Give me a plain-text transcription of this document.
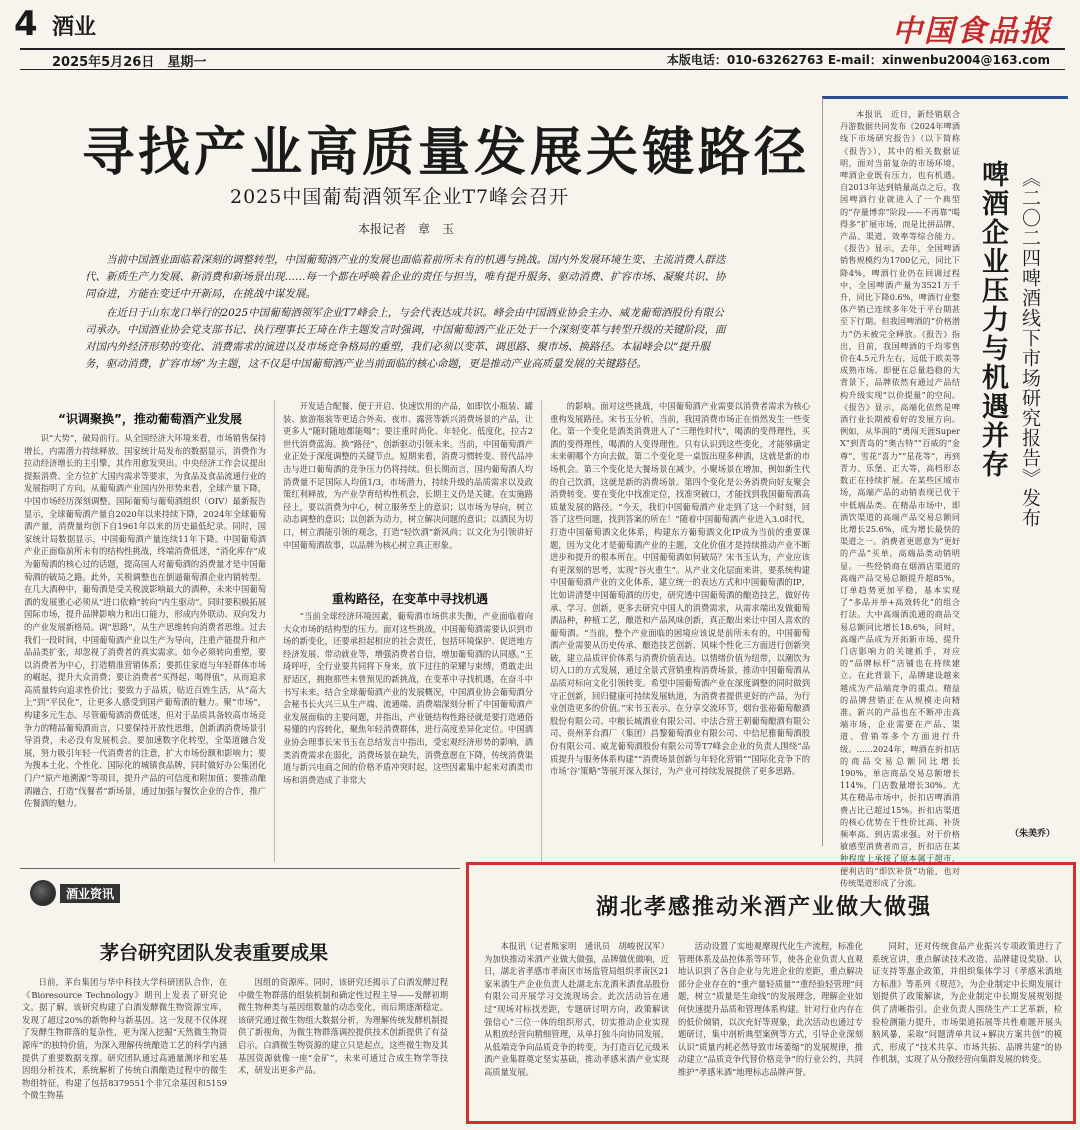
4 酒业	中国食品报
2025年5月26日　星期一	本版电话：010-63262763 E-mail：xinwenbu2004@163.com
寻找产业高质量发展关键路径
2025中国葡萄酒领军企业T7峰会召开
本报记者　章　玉

当前中国酒业面临着深刻的调整转型，中国葡萄酒产业的发展也面临着前所未有的机遇与挑战。国内外发展环境生变、主流消费人群迭代、新质生产力发展、新消费和新场景出现……每一个都在呼唤着企业的责任与担当，唯有提升服务、驱动消费、扩容市场、凝聚共识、协同奋进，方能在变迁中开新局，在挑战中谋发展。

在近日于山东龙口举行的2025中国葡萄酒领军企业T7峰会上，与会代表达成共识。峰会由中国酒业协会主办、威龙葡萄酒股份有限公司承办。中国酒业协会党支部书记、执行理事长王琦在作主题发言时强调，中国葡萄酒产业正处于一个深刻变革与转型升级的关键阶段，面对国内外经济形势的变化、消费需求的演进以及市场竞争格局的重塑，我们必须以变革、调思路、聚市场、换路径。本届峰会以“提升服务，驱动消费，扩容市场”为主题，这不仅是中国葡萄酒产业当前面临的核心命题，更是推动产业高质量发展的关键路径。

“识调聚换”，推动葡萄酒产业发展

识“大势”，破局前行。从全国经济大环境来看，市场销售保持增长，内需潜力持续释放。国家统计局发布的数据显示，消费作为拉动经济增长的主引擎，其作用愈发突出。中央经济工作会议提出提振消费、全方位扩大国内需求等要求，为食品及食品流通行业的发展指明了方向。从葡萄酒产业国内外形势来看，全球产量下降，中国市场经历深刻调整。国际葡萄与葡萄酒组织（OIV）最新报告显示，全球葡萄酒产量自2020年以来持续下降，2024年全球葡萄酒产量，消费量均创下自1961年以来的历史最低纪录。同时，国家统计局数据显示，中国葡萄酒产量连续11年下降。中国葡萄酒产业正面临前所未有的结构性挑战，终端消费低迷，“消化库存”成为葡萄酒的核心过的话题，提高国人对葡萄酒的消费量才是中国葡萄酒的破局之路。此外，关税调整也在倒逼葡萄酒企业内销转型。在几大酒种中，葡萄酒是受关税波影响最大的酒种，未来中国葡萄酒的发展重心必须从“进口依赖”转向“内生驱动”。同时要积极拓展国际市场，提升品牌影响力和出口能力，形成内外联动、双向发力的产业发展新格局。调“思路”，从生产思维转向消费者思维。过去我们一段时间，中国葡萄酒产业以生产为导向，注重产能提升和产品品类扩张，却忽视了消费者的真实需求。如今必须转向重塑，要以消费者为中心，打造精准营销体系；要抓住家庭与年轻群体市场的崛起，提升大众消费；要让消费者“买得起、喝得值”，从而追求高质量转向追求性价比；要致力于品质，贴近百姓生活，从“高大上”到“平民化”，让更多人感受到国产葡萄酒的魅力。聚“市场”，构建多元生态。尽管葡萄酒消费低迷，但对于品质具备较高市场竞争力的精品葡萄酒而言，只要保持开放性思维，创新酒消费场景引导消费，未必没有发展机会。要加速数字化转型，全渠道融合发展，努力吸引年轻一代消费者的注意，扩大市场份额和影响力；要为搜本土化、个性化、国际化的城镇食品牌，同时做好办公集团化门户“原产地溯源”等项目，提升产品的可信度和附加值；要推动酿酒融合，打造“伐餐者”新场景，通过加强与餐饮企业的合作，推广佐餐酒的魅力。

开发适合配餐、便于开启、快速饮用的产品，如即饮小瓶装、罐装、旅游瓶装等更适合外卖、夜市、露营等新兴消费场景的产品，让更多人“随时随地都能喝”；要注重时尚化、年轻化、低度化，拉古2世代消费蓝海。换“路径”，创新驱动引领未来。当前，中国葡萄酒产业正处于深度调整的关键节点。短期来看，消费习惯转变、替代品冲击与进口葡萄酒的竞争压力仍将持续。但长期而言，国内葡萄酒人均消费量不足国际人均值1/3，市场潜力，持续升级的品质需求以及政策红利释放，为产业孕育结构性机会，长期主义仍是关键。在实施路径上，要以消费为中心，树立服务至上的意识；以市场为导向，树立动态调整的意识；以创新为动力，树立解决问题的意识；以酒民为切口，树立酒能引领的观念，打造“轻饮酒”新风尚；以文化为引领讲好中国葡萄酒故事，以品牌为核心树立真正形象。

重构路径，在变革中寻找机遇

“当前全球经济环境因素，葡萄酒市场供求失衡，产业面临着向大众市场的结构型的压力。面对这些挑战，中国葡萄酒需要认识到市场的新变化，还要承担起相应的社会责任，包括环境保护、促进地方经济发展、带动就业等，增强消费者自信，增加葡萄酒的认同感。”王琦呼吁，全行业要共同将下身来，放下过往的荣耀与束缚，勇敢走出舒适区，拥抱那些未曾预见的新挑战，在变革中寻找机遇，在奋斗中书写未来。结合全球葡萄酒产业的发展概况，中国酒业协会葡萄酒分会秘书长火兴三从生产端、流通端、消费端深刻分析了中国葡萄酒产业发展面临的主要问题，并指出，产业链结构性路径就是要打造通俗易懂的内容转化，聚焦年轻消费群体，进行高度差异化定位。中国酒业协会理事长宋书玉在总结发言中指出，受宏观经济形势的影响，酒类消费需求在弱化，消费场景在缺失，消费意愿在下降，传统消费渠道与新兴电商之间的价格矛盾冲突时起，这些因素集中起来对酒类市场和消费造成了非常大

的影响。面对这些挑战，中国葡萄酒产业需要以消费者需求为核心重构发展路径。宋书玉分析，当前，我国消费市场正在悄然发生一些变化。第一个变化是酒类消费进入了“三理性时代”，喝酒的变得理性，买酒的变得理性，喝酒的人变得理性。只有认识到这些变化，才能够确定未来朝哪个方向去做。第二个变化是一桌饭出现多种酒，这就是新的市场机会。第三个变化是大餐场景在减少，小聚场景在增加，例如新生代的自己饮酒，这就是新的消费场景。第四个变化是公务消费向好友聚会消费转变。要在变化中找准定位，找准突破口，才能找到我国葡萄酒高质量发展的路径。“今天，我们中国葡萄酒产业走到了这一个时刻，回答了这些问题，找到答案的所在！”随着中国葡萄酒产业进入3.0时代，打造中国葡萄酒文化体系，构建东方葡萄酒文化IP成为当前的重要课题，因为文化才是葡萄酒产业的主题，文化价值才是持续推动产业不断进步和提升的根本所在。中国葡萄酒如何破局？宋书玉认为，产业应该有更深刻的思考，实现“谷火重生”。从产业文化层面来讲，要系统构建中国葡萄酒产业的文化体系，建立统一的表达方式和中国葡萄酒的IP，比如讲清楚中国葡萄酒的历史，研究透中国葡萄酒的酿造技艺，做好传承、学习、创新，更多去研究中国人的消费需求，从需求端出发做葡萄酒品种，种植工艺，酿造和产品风味创新，真正酿出来让中国人喜欢的葡萄酒。“当前，整个产业面临的困境应该说是前所未有的，中国葡萄酒产业需要从历史传承、酿造技艺创新、风味个性化三方面进行创新突破，建立品质评价体系与消费价值表达。以情绪价值为纽带，以潮饮为切入口的方式发展，通过全景式营销重构消费场景，推动中国葡萄酒从品质对标向文化引领转变。希望中国葡萄酒产业在深度调整的同时做到守正创新，回归健康可持续发展轨道，为消费者提供更好的产品，为行业创造更多的价值。”宋书玉表示。在分享交流环节，烟台张裕葡萄酿酒股份有限公司、中粮长城酒业有限公司、中法合营王朝葡萄酿酒有限公司、贵州茅台酒厂（集团）昌黎葡萄酒业有限公司、中信尼雅葡萄酒股份有限公司、威龙葡萄酒股份有限公司等T7峰会企业的负责人围绕“品质提升与服务体系构建”“消费场景创新与年轻化营销”“国际化竞争下的市场‘谷’策略”等展开深入探讨，为产业可持续发展提供了更多思路。

本报讯　近日，新经销联合丹游数据共同发布《2024年啤酒线下市场研究报告》（以下简称《报告》），其中的相关数据证明，面对当前复杂的市场环境，啤酒企业既有压力，也有机遇。自2013年达到销量高点之后，我国啤酒行业就进入了一个典型的“存量博弈”阶段——不再靠“喝得多”扩展市场，而是比拼品牌、产品、渠道、效率等综合能力。《报告》显示，去年，全国啤酒销售规模约为1700亿元，同比下降4%，啤酒行业仍在回调过程中，全国啤酒产量为3521万千升，同比下降0.6%，啤酒行业整体产销已连续多年处于平台期甚至下行期。但我国啤酒的“价格潜力”仍未被完全释放。《报告》指出，目前，我国啤酒的千均零售价在4.5元升左右，远低于欧美等成熟市场。即便在总量趋稳的大背景下，品牌依然有通过产品结构升级实现“以价提量”的空间。《报告》显示，高端化依然是啤酒行业长期被看好的发展方向。例如，从华润的“勇闯天涯Super X”到青岛的“奥古特”“百威的“金尊”、雪花“喜力”“星花等”，再到青力、乐堡、正大等，高档形态数正在持续扩展。在某些区域市场，高端产品的动销表现已优于中低端品类。在精品市场中，即酒饮渠道的高端产品交易总额同比增长25.6%，成为增长最快的渠道之一。消费者更愿意为“更好的产品”买单，高端品类动销明显。一些经销商在烟酒店渠道的高端产品交易总额提升超85%，订单趋势更加平稳，基本实现了“多品并举+高效转化”的组合打法。大中高端酒流通的商品交易总额同比增长18.6%，同时，高端产品成为开拓新市场、提升门店影响力的关键抓手，对应的“品牌标杆”店铺也在持续建立。在此背景下，品牌建设越来越成为产品端竞争的重点。精益的品牌营销正在从规模走向精准。新兴的产品也在不断冲击高端市场，企业需要在产品、渠道、营销等多个方面进行升级。……2024年，啤酒在折扣店的商品交易总额同比增长190%，单店商品交易总额增长114%，门店数量增长30%。尤其在精品市场中，折扣店啤酒消费占比已超过15%。折扣店渠道的核心优势在于性价比高、补货频率高、到店需求强。对于价格敏感型消费者而言，折扣店在某种程度上承接了原本属于超市、便利店的“即饮补货”功能，也对传统渠道形成了分流。

啤酒企业压力与机遇并存 《二〇二四啤酒线下市场研究报告》发布
（朱美乔）
酒业资讯
茅台研究团队发表重要成果

日前，茅台集团与华中科技大学科研团队合作，在《Bioresource Technology》期刊上发表了研究论文。据了解，该研究构建了白酒发酵微生物资源宝库，发现了超过20%的新物种与新基因。这一发现不仅体现了发酵生物群落的复杂性，更为深入挖掘“天然微生物资源库”的独特价值，为深入理解传统酿造工艺的科学内涵提供了重要数据支撑。研究团队通过高通量测序和宏基因组分析技术，系统解析了传统白酒酿造过程中的微生物组特征，构建了包括8379551个非冗余基因和5159个微生物基

因组的资源库。同时，该研究还揭示了白酒发酵过程中微生物群落的组装机制和确定性过程主导——发酵初期微生物种类与基因组数量的动态变化，而后期逐渐稳定。该研究通过微生物组大数据分析，为理解传统发酵机制提供了新视角，为微生物群落调控提供技术创新提供了有益启示。白酒微生物资源的建立只是起点，这些微生物及其基因资源就像一座“金矿”，未来可通过合成生物学等技术，研发出更多产品。

湖北孝感推动米酒产业做大做强

本报讯（记者熊家明　通讯员　胡峻祝汉军）为加快推动米酒产业做大做强，品牌做优做响，近日，湖北省孝感市孝南区市场监管局组织孝南区21家米酒生产企业负责人赴湖北东龙酒米酒食品股份有限公司开展学习交流现场会。此次活动旨在通过“现场对标找差距，专题研讨明方向，政策解读强信心”三位一体的组织形式，切实推动企业实现从粗放经营向精细管理，从单打独斗向协同发展，从低端竞争向品质竞争的转变，为打造百亿元级米酒产业集群奠定坚实基础，推动孝感米酒产业实现高质量发展。

活动设置了实地观摩现代化生产流程，标准化管理体系及品控体系等环节，使各企业负责人直观地认识到了各自企业与先进企业的差距，重点解决部分企业存在的“重产量轻质量”“重经验轻管理”问题，树立“质量是生命线”的发展理念，理解企业如何快速提升品质和管理体系构建。针对行业内存在的低价倾销，以次充好等现象，此次活动也通过专题研讨，集中剖析典型案例等方式，引导企业深刻认识“质量内耗必然导致市场萎缩”的发展规律，推动建立“品质竞争代替价格竞争”的行业公约，共同维护“孝感米酒”地理标志品牌声誉。

同时，还对传统食品产业振兴专项政策进行了系统宣讲，重点解读技术改造、品牌建设奖励、认证支持等惠企政策，并组织集体学习《孝感米酒地方标准》等系列《规范》，为企业制定中长期发展计划提供了政策解读，为企业制定中长期发展规划提供了清晰指引。企业负责人围绕生产工艺革新，检验检测能力提升，市场渠道拓展等共性难题开展头脑风暴，采取“问题清单共议+解决方案共创”的模式，形成了“技术共享、市场共拓、品牌共建”的协作机制，实现了从分散经营向集群发展的转变。
